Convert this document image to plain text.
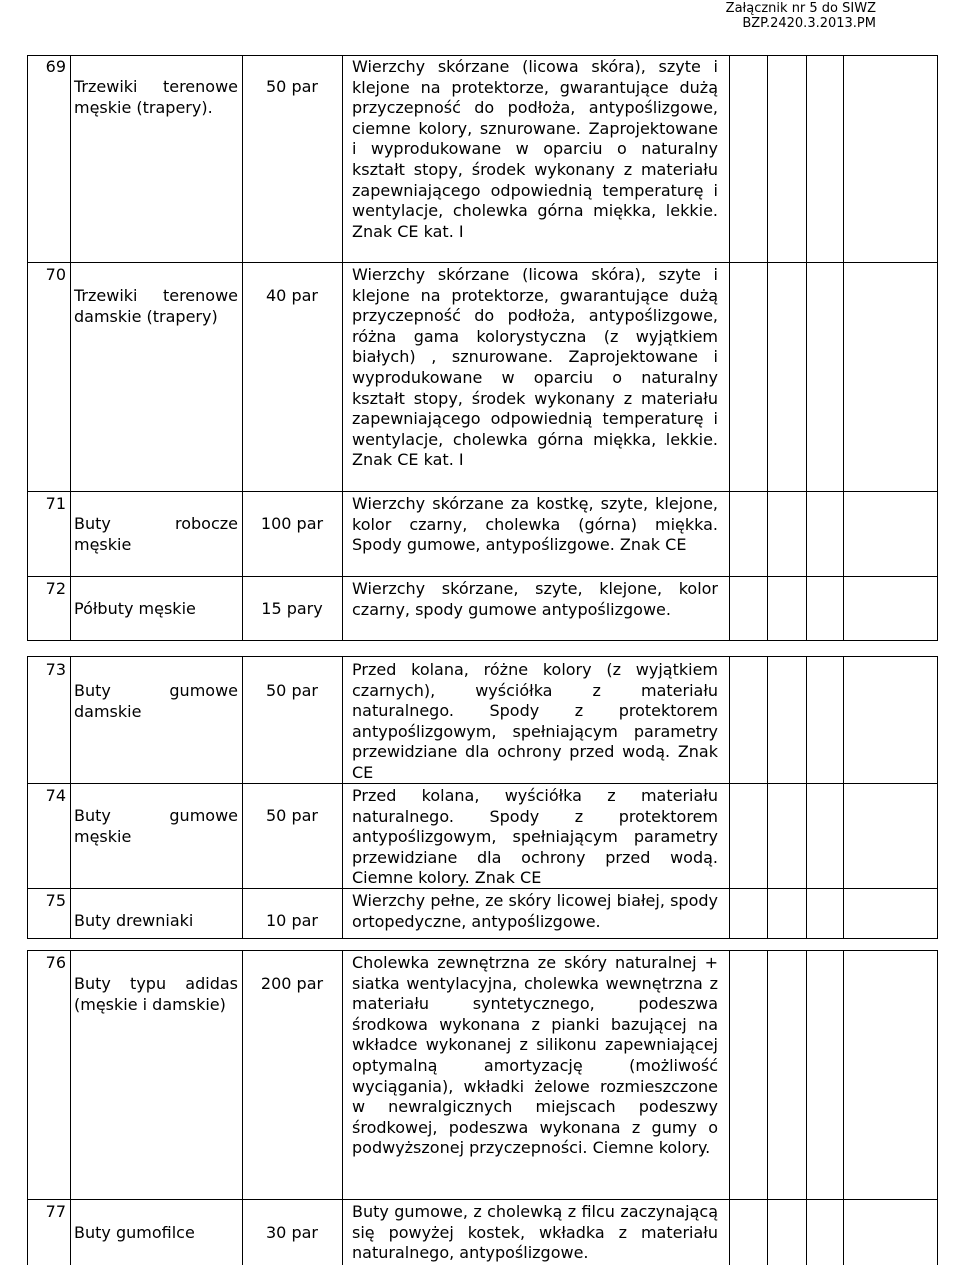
Załącznik nr 5 do SIWZ
BZP.2420.3.2013.PM
69
Trzewiki terenowe męskie (trapery).
50 par
Wierzchy skórzane (licowa skóra), szyte i klejone na protektorze, gwarantujące dużą przyczepność do podłoża, antypoślizgowe, ciemne kolory, sznurowane. Zaprojektowane i wyprodukowane w oparciu o naturalny kształt stopy, środek wykonany z materiału zapewniającego odpowiednią temperaturę i wentylacje, cholewka górna miękka, lekkie. Znak CE kat. I
70
Trzewiki terenowe damskie (trapery)
40 par
Wierzchy skórzane (licowa skóra), szyte i klejone na protektorze, gwarantujące dużą przyczepność do podłoża, antypoślizgowe, różna gama kolorystyczna (z wyjątkiem białych) , sznurowane. Zaprojektowane i wyprodukowane w oparciu o naturalny kształt stopy, środek wykonany z materiału zapewniającego odpowiednią temperaturę i wentylacje, cholewka górna miękka, lekkie. Znak CE kat. I
71
Buty robocze męskie
100 par
Wierzchy skórzane za kostkę, szyte, klejone, kolor czarny, cholewka (górna) miękka. Spody gumowe, antypoślizgowe. Znak CE
72
Półbuty męskie	15 pary
Wierzchy skórzane, szyte, klejone, kolor czarny, spody gumowe antypoślizgowe.
73
Buty gumowe damskie
50 par
Przed kolana, różne kolory (z wyjątkiem czarnych), wyściółka z materiału naturalnego. Spody z protektorem antypoślizgowym, spełniającym parametry przewidziane dla ochrony przed wodą. Znak CE
74
Buty gumowe męskie
50 par
Przed kolana, wyściółka z materiału naturalnego. Spody z protektorem antypoślizgowym, spełniającym parametry przewidziane dla ochrony przed wodą. Ciemne kolory. Znak CE
75
Buty drewniaki	10 par
Wierzchy pełne, ze skóry licowej białej, spody ortopedyczne, antypoślizgowe.
76
Buty typu adidas (męskie i damskie)
200 par
Cholewka zewnętrzna ze skóry naturalnej + siatka wentylacyjna, cholewka wewnętrzna z materiału syntetycznego, podeszwa środkowa wykonana z pianki bazującej na wkładce wykonanej z silikonu zapewniającej optymalną amortyzację (możliwość wyciągania), wkładki żelowe rozmieszczone w newralgicznych miejscach podeszwy środkowej, podeszwa wykonana z gumy o podwyższonej przyczepności. Ciemne kolory.
77
Buty gumofilce	30 par
Buty gumowe, z cholewką z filcu zaczynającą się powyżej kostek, wkładka z materiału naturalnego, antypoślizgowe.
